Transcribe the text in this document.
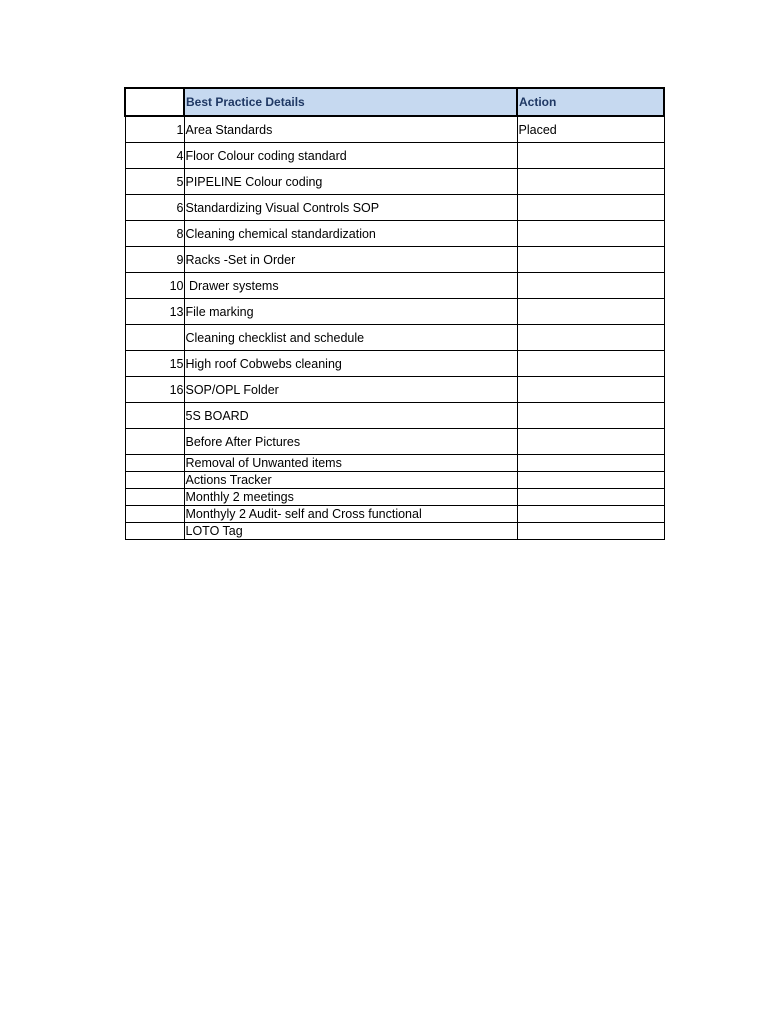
	Best Practice Details	Action
1	Area Standards	Placed
4	Floor Colour coding standard	
5	PIPELINE Colour coding	
6	Standardizing Visual Controls SOP	
8	Cleaning chemical standardization	
9	Racks -Set in Order	
10	Drawer systems	
13	File marking	
	Cleaning checklist and schedule	
15	High roof Cobwebs cleaning	
16	SOP/OPL Folder	
	5S BOARD	
	Before After Pictures	
	Removal of Unwanted items	
	Actions Tracker	
	Monthly 2 meetings	
	Monthyly 2 Audit- self and Cross functional	
	LOTO Tag	
